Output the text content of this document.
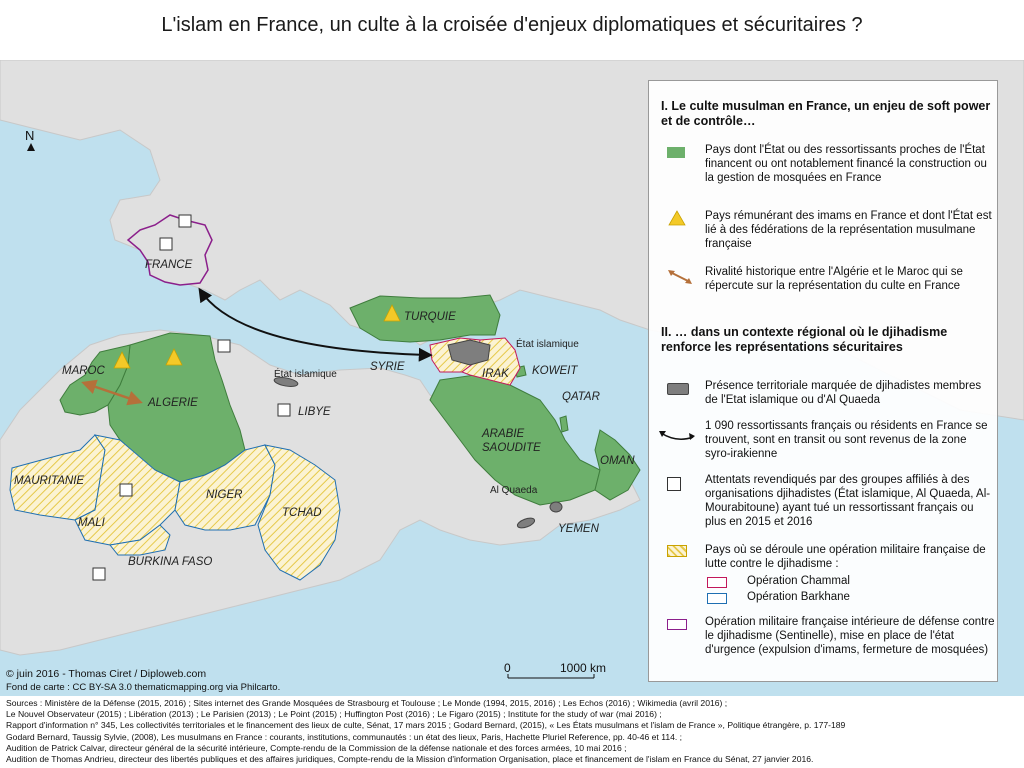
L'islam en France, un culte à la croisée d'enjeux diplomatiques et sécuritaires ?
N
FRANCE
MAROC
ALGERIE
MAURITANIE
MALI
NIGER
TCHAD
BURKINA FASO
LIBYE
État islamique
TURQUIE
État islamique
SYRIE
IRAK KOWEIT
QATAR
ARABIE
SAOUDITE
OMAN
Al Quaeda
YEMEN
0	1000 km
I. Le culte musulman en France, un enjeu de soft power et de contrôle…
Pays dont l'État ou des ressortissants proches de l'État financent ou ont notablement financé la construction ou la gestion de mosquées en France
Pays rémunérant des imams en France et dont l'État est lié à des fédérations de la représentation musulmane française
Rivalité historique entre l'Algérie et le Maroc qui se répercute sur la représentation du culte en France
II. … dans un contexte régional où le djihadisme renforce les représentations sécuritaires
Présence territoriale marquée de djihadistes membres de l'Etat islamique ou d'Al Quaeda
1 090 ressortissants français ou résidents en France se trouvent, sont en transit ou sont revenus de la zone syro-irakienne
Attentats revendiqués par des groupes affiliés à des organisations djihadistes (État islamique, Al Quaeda, Al-Mourabitoune) ayant tué un ressortissant français ou plus en 2015 et 2016
Pays où se déroule une opération militaire française de lutte contre le djihadisme :
Opération Chammal
Opération Barkhane
Opération militaire française intérieure de défense contre le djihadisme (Sentinelle), mise en place de l'état d'urgence (expulsion d'imams, fermeture de mosquées)
© juin 2016 - Thomas Ciret / Diploweb.com
Fond de carte : CC BY-SA 3.0 thematicmapping.org via Philcarto.
Sources : Ministère de la Défense (2015, 2016) ; Sites internet des Grande Mosquées de Strasbourg et Toulouse ; Le Monde (1994, 2015, 2016) ; Les Echos (2016) ; Wikimedia (avril 2016) ;
Le Nouvel Observateur (2015) ; Libération (2013) ; Le Parisien (2013) ; Le Point (2015) ; Huffington Post (2016) ; Le Figaro (2015) ; Institute for the study of war (mai 2016) ;
Rapport d'information n° 345, Les collectivités territoriales et le financement des lieux de culte, Sénat, 17 mars 2015 ; Godard Bernard, (2015), « Les États musulmans et l'islam de France », Politique étrangère, p. 177-189
Godard Bernard, Taussig Sylvie, (2008), Les musulmans en France : courants, institutions, communautés : un état des lieux, Paris, Hachette Pluriel Reference, pp. 40-46 et 114. ;
Audition de Patrick Calvar, directeur général de la sécurité intérieure, Compte-rendu de la Commission de la défense nationale et des forces armées, 10 mai 2016 ;
Audition de Thomas Andrieu, directeur des libertés publiques et des affaires juridiques, Compte-rendu de la Mission d'information Organisation, place et financement de l'islam en France du Sénat, 27 janvier 2016.
